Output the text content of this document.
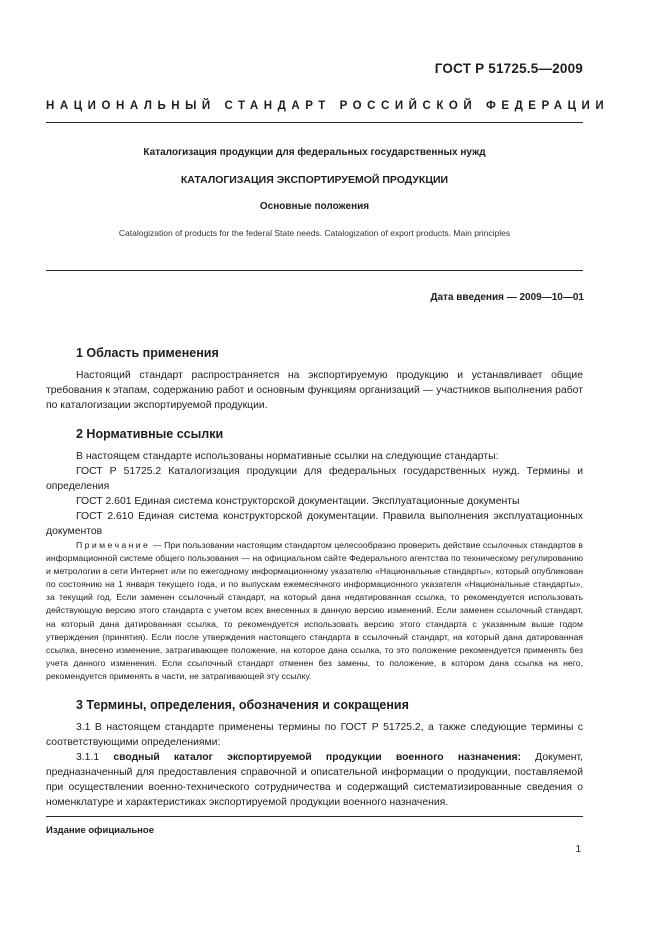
ГОСТ Р 51725.5—2009
НАЦИОНАЛЬНЫЙ СТАНДАРТ РОССИЙСКОЙ ФЕДЕРАЦИИ
Каталогизация продукции для федеральных государственных нужд
КАТАЛОГИЗАЦИЯ ЭКСПОРТИРУЕМОЙ ПРОДУКЦИИ
Основные положения
Catalogization of products for the federal State needs. Catalogization of export products. Main principles
Дата введения — 2009—10—01
1 Область применения

Настоящий стандарт распространяется на экспортируемую продукцию и устанавливает общие требования к этапам, содержанию работ и основным функциям организаций — участников выполнения работ по каталогизации экспортируемой продукции.

2 Нормативные ссылки

В настоящем стандарте использованы нормативные ссылки на следующие стандарты:

ГОСТ Р 51725.2 Каталогизация продукции для федеральных государственных нужд. Термины и определения

ГОСТ 2.601 Единая система конструкторской документации. Эксплуатационные документы

ГОСТ 2.610 Единая система конструкторской документации. Правила выполнения эксплуатационных документов

Примечание — При пользовании настоящим стандартом целесообразно проверить действие ссылочных стандартов в информационной системе общего пользования — на официальном сайте Федерального агентства по техническому регулированию и метрологии в сети Интернет или по ежегодному информационному указателю «Национальные стандарты», который опубликован по состоянию на 1 января текущего года, и по выпускам ежемесячного информационного указателя «Национальные стандарты», за текущий год. Если заменен ссылочный стандарт, на который дана недатированная ссылка, то рекомендуется использовать действующую версию этого стандарта с учетом всех внесенных в данную версию изменений. Если заменен ссылочный стандарт, на который дана датированная ссылка, то рекомендуется использовать версию этого стандарта с указанным выше годом утверждения (принятия). Если после утверждения настоящего стандарта в ссылочный стандарт, на который дана датированная ссылка, внесено изменение, затрагивающее положение, на которое дана ссылка, то это положение рекомендуется применять без учета данного изменения. Если ссылочный стандарт отменен без замены, то положение, в котором дана ссылка на него, рекомендуется применять в части, не затрагивающей эту ссылку.

3 Термины, определения, обозначения и сокращения

3.1 В настоящем стандарте применены термины по ГОСТ Р 51725.2, а также следующие термины с соответствующими определениями:

3.1.1 сводный каталог экспортируемой продукции военного назначения: Документ, предназначенный для предоставления справочной и описательной информации о продукции, поставляемой при осуществлении военно-технического сотрудничества и содержащий систематизированные сведения о номенклатуре и характеристиках экспортируемой продукции военного назначения.

Издание официальное
1
